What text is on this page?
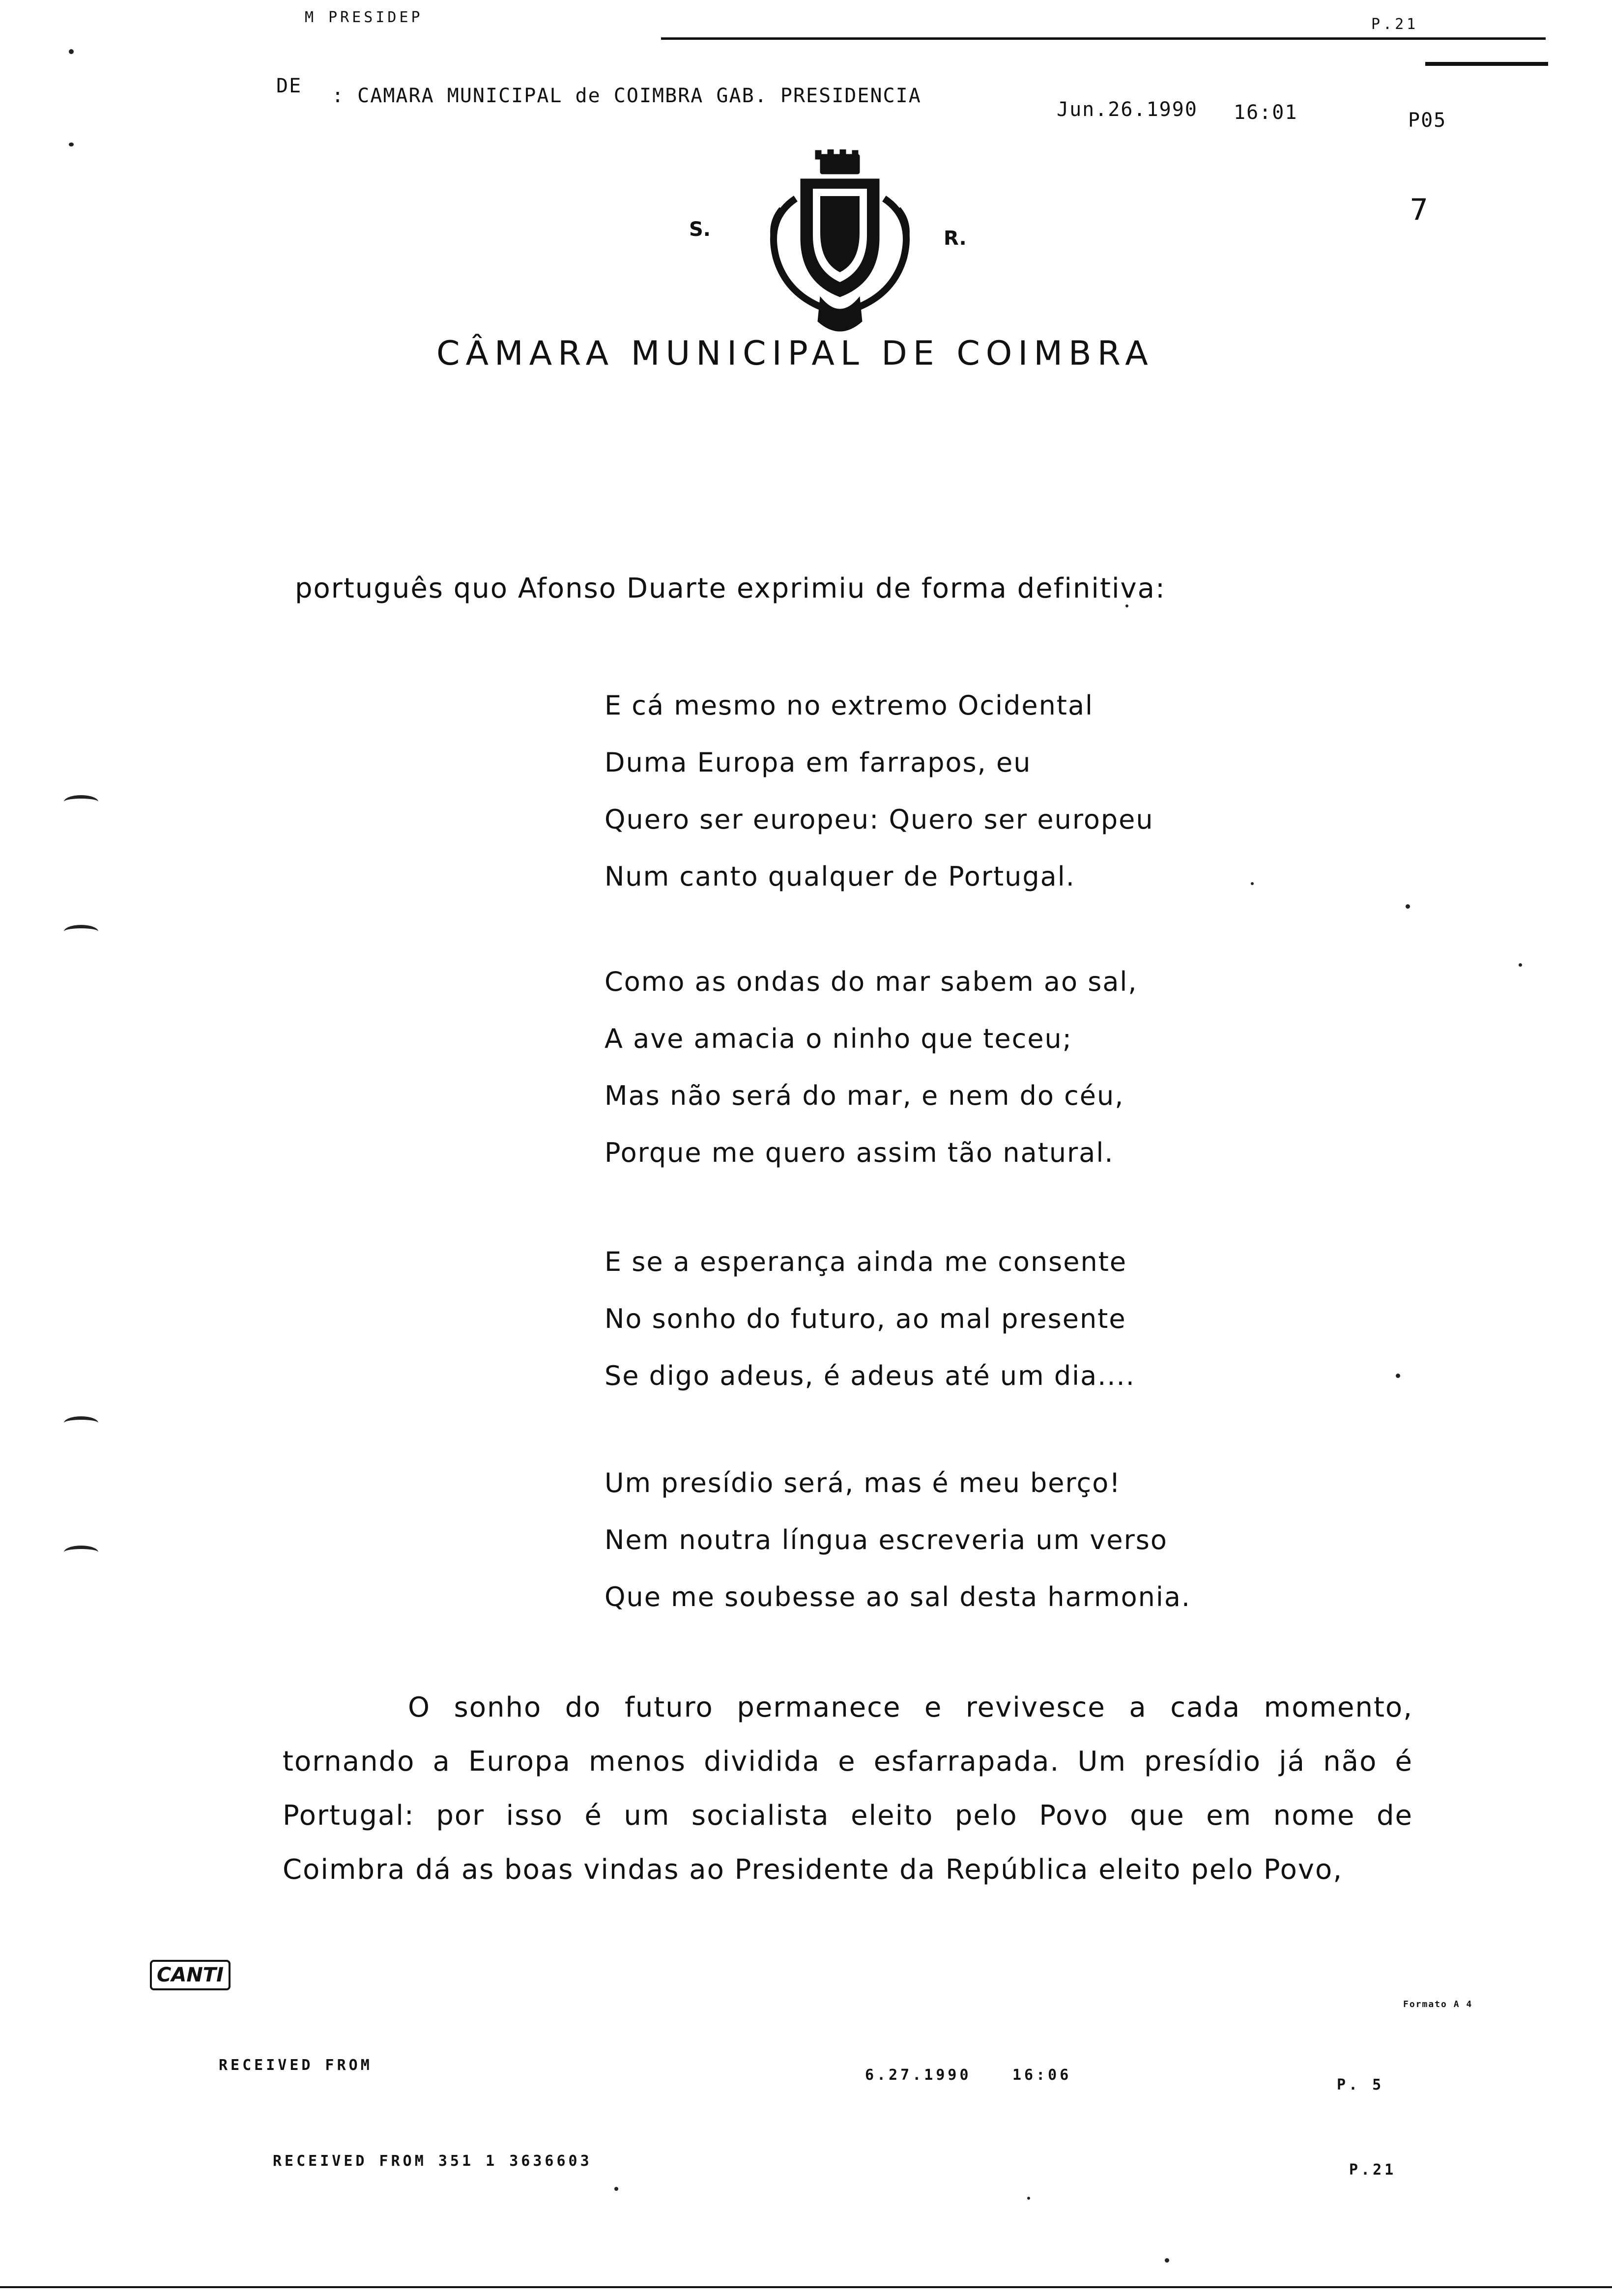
M PRESIDEP	P.21
DE : CAMARA MUNICIPAL de COIMBRA GAB. PRESIDENCIA
Jun.26.1990 16:01	P05
7

S.	R.
CÂMARA MUNICIPAL DE COIMBRA
português quo Afonso Duarte exprimiu de forma definitiva:
E cá mesmo no extremo Ocidental
Duma Europa em farrapos, eu
Quero ser europeu: Quero ser europeu
Num canto qualquer de Portugal.
Como as ondas do mar sabem ao sal,
A ave amacia o ninho que teceu;
Mas não será do mar, e nem do céu,
Porque me quero assim tão natural.
E se a esperança ainda me consente
No sonho do futuro, ao mal presente
Se digo adeus, é adeus até um dia....
Um presídio será, mas é meu berço!
Nem noutra língua escreveria um verso
Que me soubesse ao sal desta harmonia.
O sonho do futuro permanece e revivesce a cada momento,
tornando a Europa menos dividida e esfarrapada. Um presídio já não é
Portugal: por isso é um socialista eleito pelo Povo que em nome de
Coimbra dá as boas vindas ao Presidente da República eleito pelo Povo,
CANTI
Formato A 4
RECEIVED FROM
6.27.1990	16:06
P. 5
RECEIVED FROM 351 1 3636603
P.21
